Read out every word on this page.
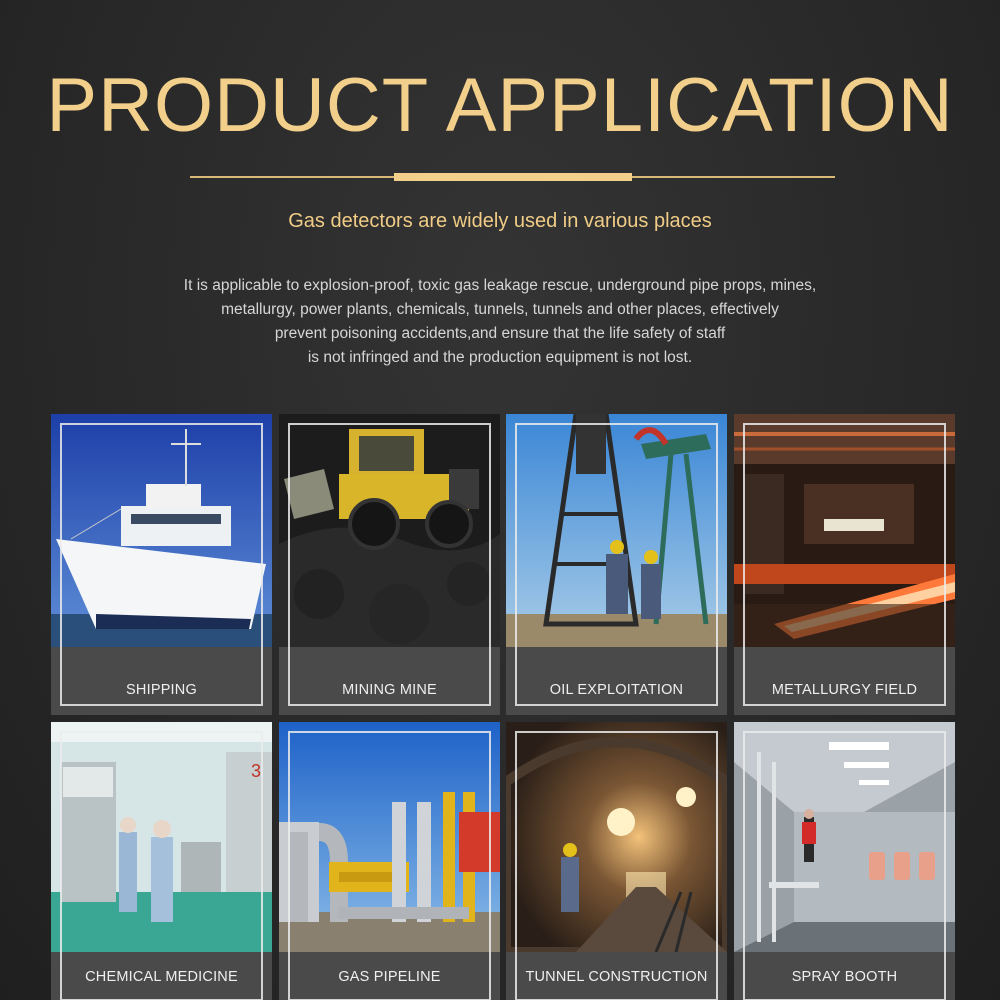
PRODUCT APPLICATION
Gas detectors are widely used in various places
It is applicable to explosion-proof, toxic gas leakage rescue, underground pipe props, mines,
metallurgy, power plants, chemicals, tunnels, tunnels and other places, effectively
prevent poisoning accidents,and ensure that the life safety of staff
is not infringed and the production equipment is not lost.
SHIPPING	MINING MINE	OIL EXPLOITATION	METALLURGY FIELD
3
CHEMICAL MEDICINE	GAS PIPELINE	TUNNEL CONSTRUCTION	SPRAY BOOTH
